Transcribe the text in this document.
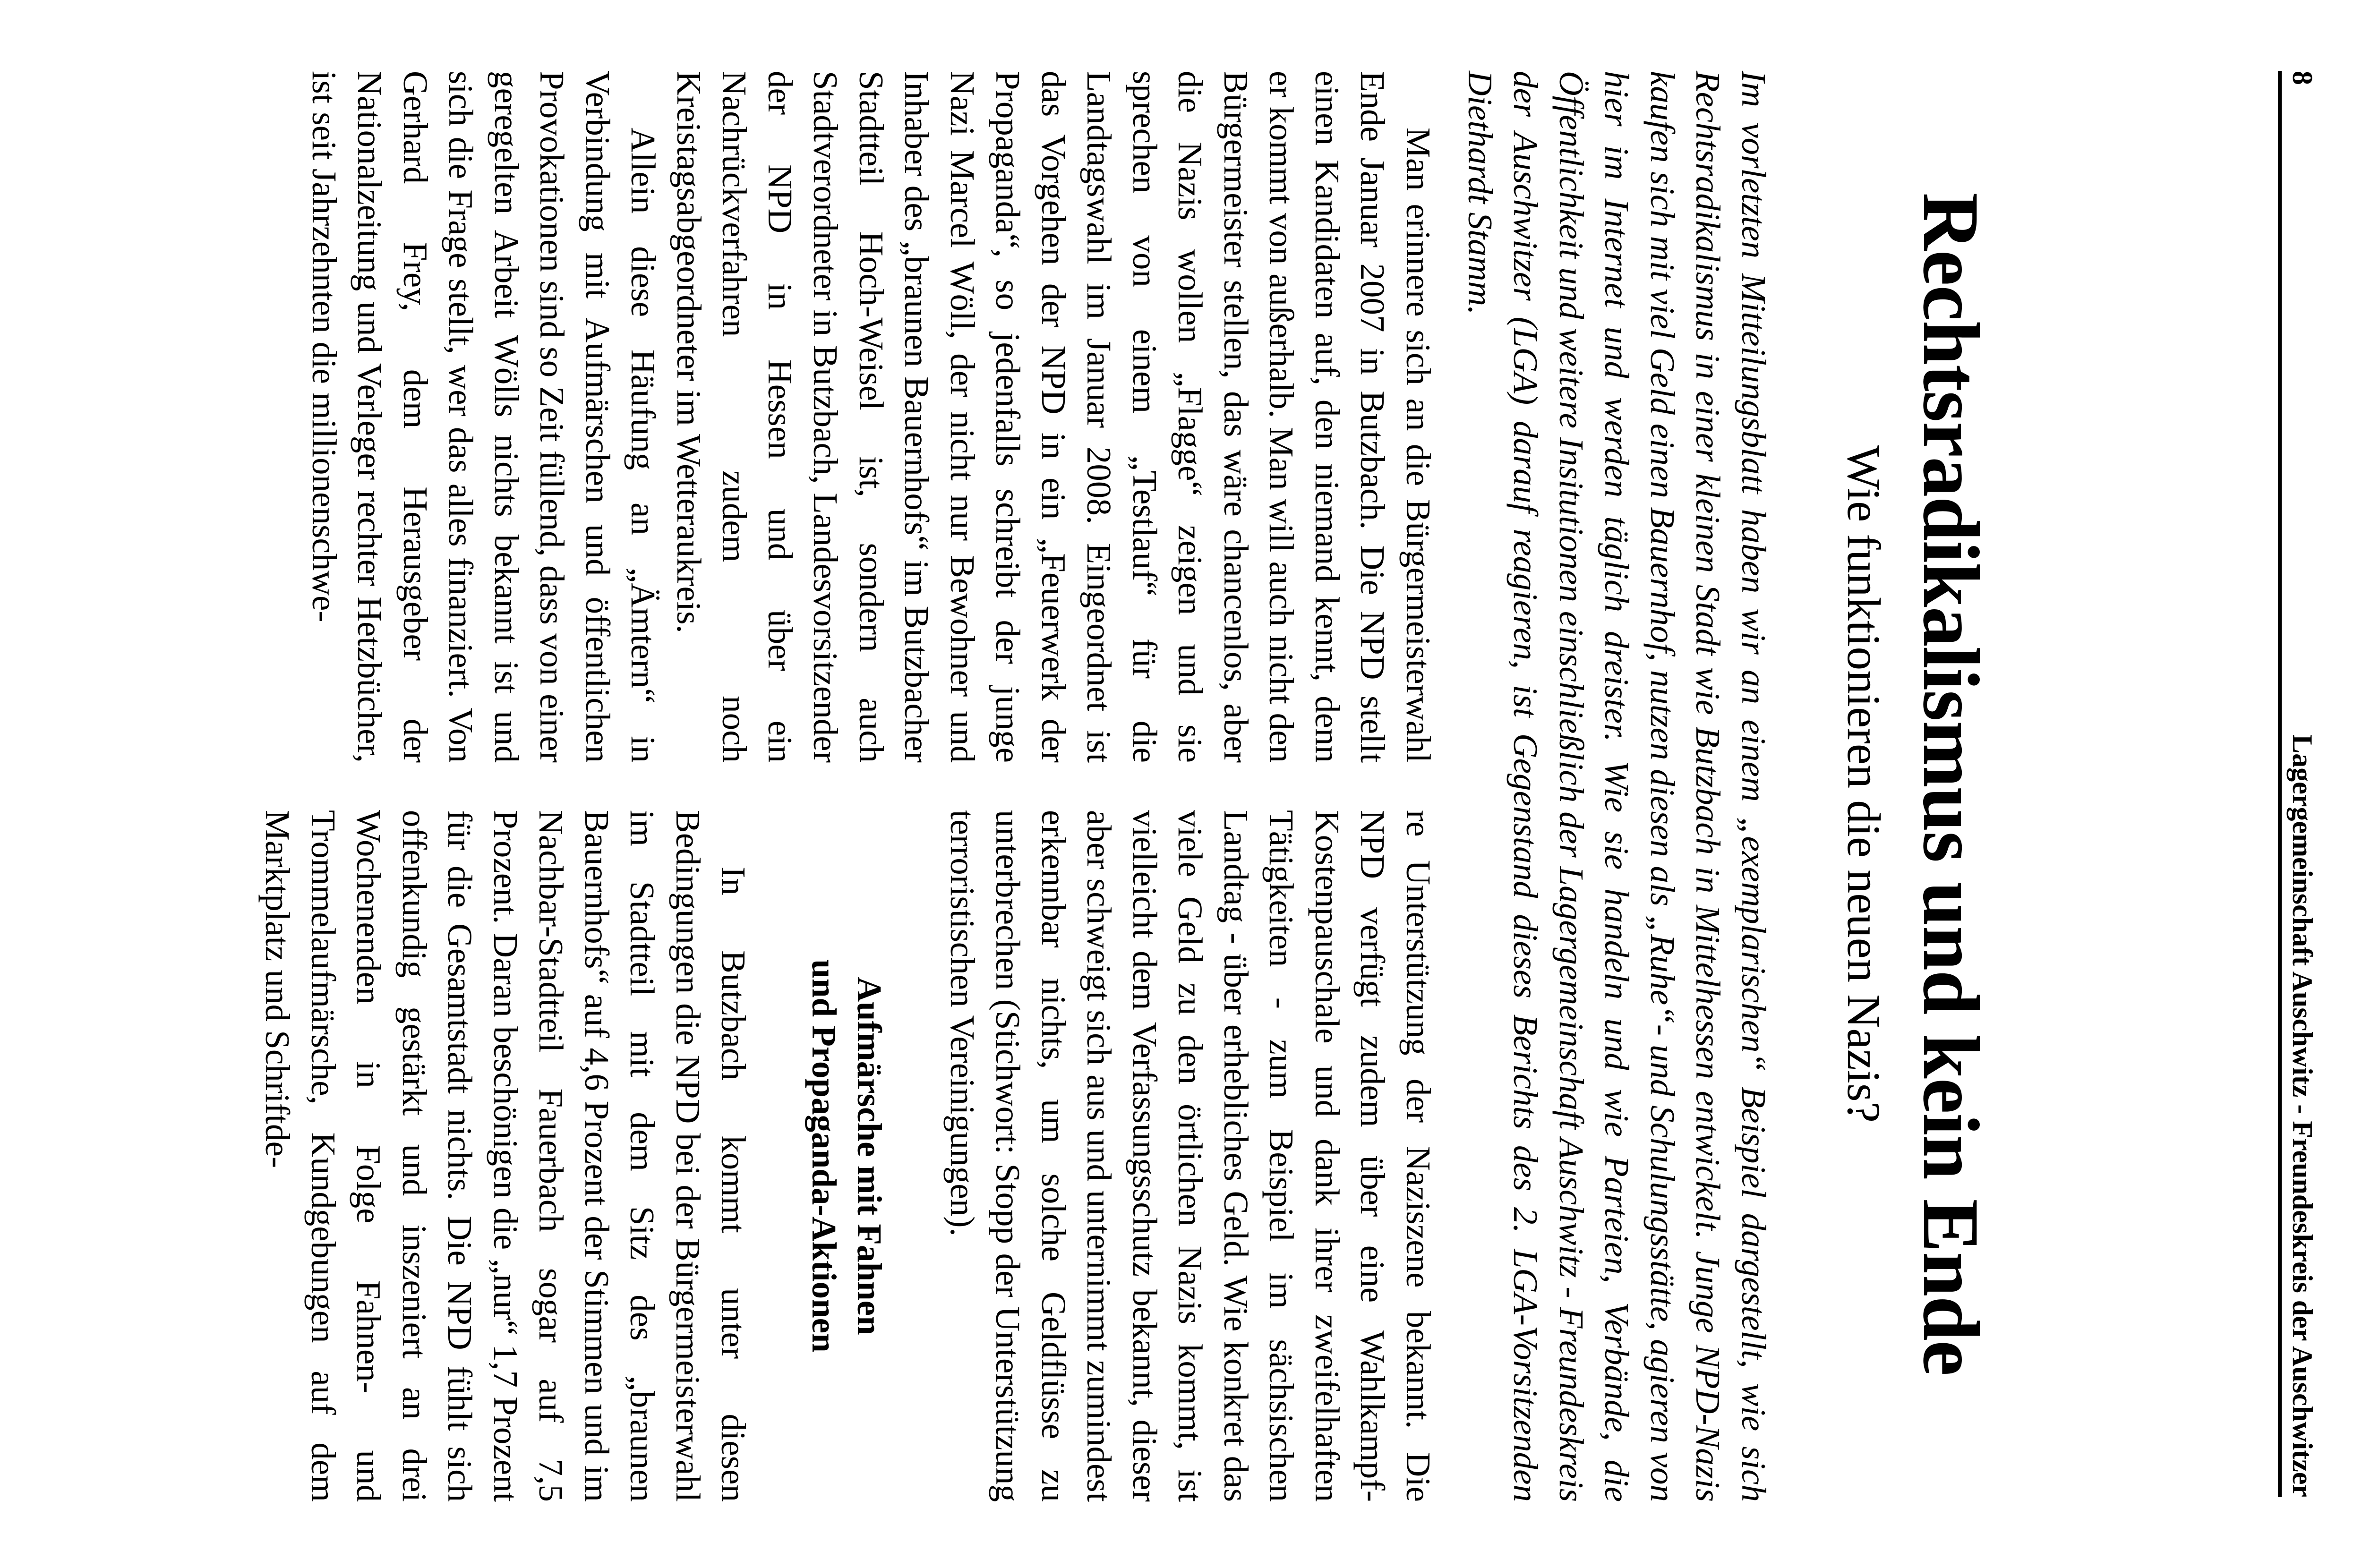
8
Lagergemeinschaft Auschwitz - Freundeskreis der Auschwitzer
Rechtsradikalismus und kein Ende
Wie funktionieren die neuen Nazis?
Im vorletzten Mitteilungsblatt haben wir an einem „exemplarischen“ Beispiel dargestellt, wie sich Rechtsradikalismus in einer kleinen Stadt wie Butzbach in Mittelhessen entwickelt. Junge NPD-Nazis kaufen sich mit viel Geld einen Bauernhof, nutzen diesen als „Ruhe“- und Schulungsstätte, agieren von hier im Internet und werden täglich dreister. Wie sie handeln und wie Parteien, Verbände, die Öffentlichkeit und weitere Insitutionen einschließlich der Lagergemeinschaft Auschwitz - Freundeskreis der Auschwitzer (LGA) darauf reagieren, ist Gegenstand dieses Berichts des 2. LGA-Vorsitzenden Diethardt Stamm.

Man erinnere sich an die Bürgermeisterwahl Ende Januar 2007 in Butzbach. Die NPD stellt einen Kandidaten auf, den niemand kennt, denn er kommt von außerhalb. Man will auch nicht den Bürgermeister stellen, das wäre chancenlos, aber die Nazis wollen „Flagge“ zeigen und sie sprechen von einem „Testlauf“ für die Landtagswahl im Januar 2008. Eingeordnet ist das Vorgehen der NPD in ein „Feuerwerk der Propaganda“, so jedenfalls schreibt der junge Nazi Marcel Wöll, der nicht nur Bewohner und Inhaber des „braunen Bauernhofs“ im Butzbacher Stadtteil Hoch-Weisel ist, sondern auch Stadtverordneter in Butzbach, Landesvorsitzender der NPD in Hessen und über ein Nachrückverfahren zudem noch Kreistagsabgeordneter im Wetteraukreis.

Allein diese Häufung an „Ämtern“ in Verbindung mit Aufmärschen und öffentlichen Provokationen sind so Zeit füllend, dass von einer geregelten Arbeit Wölls nichts bekannt ist und sich die Frage stellt, wer das alles finanziert. Von Gerhard Frey, dem Herausgeber der Nationalzeitung und Verleger rechter Hetzbücher, ist seit Jahrzehnten die millionenschwe-

re Unterstützung der Naziszene bekannt. Die NPD verfügt zudem über eine Wahlkampf-Kostenpauschale und dank ihrer zweifelhaften Tätigkeiten - zum Beispiel im sächsischen Landtag - über erhebliches Geld. Wie konkret das viele Geld zu den örtlichen Nazis kommt, ist vielleicht dem Verfassungsschutz bekannt, dieser aber schweigt sich aus und unternimmt zumindest erkennbar nichts, um solche Geldflüsse zu unterbrechen (Stichwort: Stopp der Unterstützung terroristischen Vereinigungen).

Aufmärsche mit Fahnen
und Propaganda-Aktionen

In Butzbach kommt unter diesen Bedingungen die NPD bei der Bürgermeisterwahl im Stadtteil mit dem Sitz des „braunen Bauernhofs“ auf 4,6 Prozent der Stimmen und im Nachbar-Stadtteil Fauerbach sogar auf 7,5 Prozent. Daran beschönigen die „nur“ 1,7 Prozent für die Gesamtstadt nichts. Die NPD fühlt sich offenkundig gestärkt und inszeniert an drei Wochenenden in Folge Fahnen- und Trommelaufmärsche, Kundgebungen auf dem Marktplatz und Schriftde-
